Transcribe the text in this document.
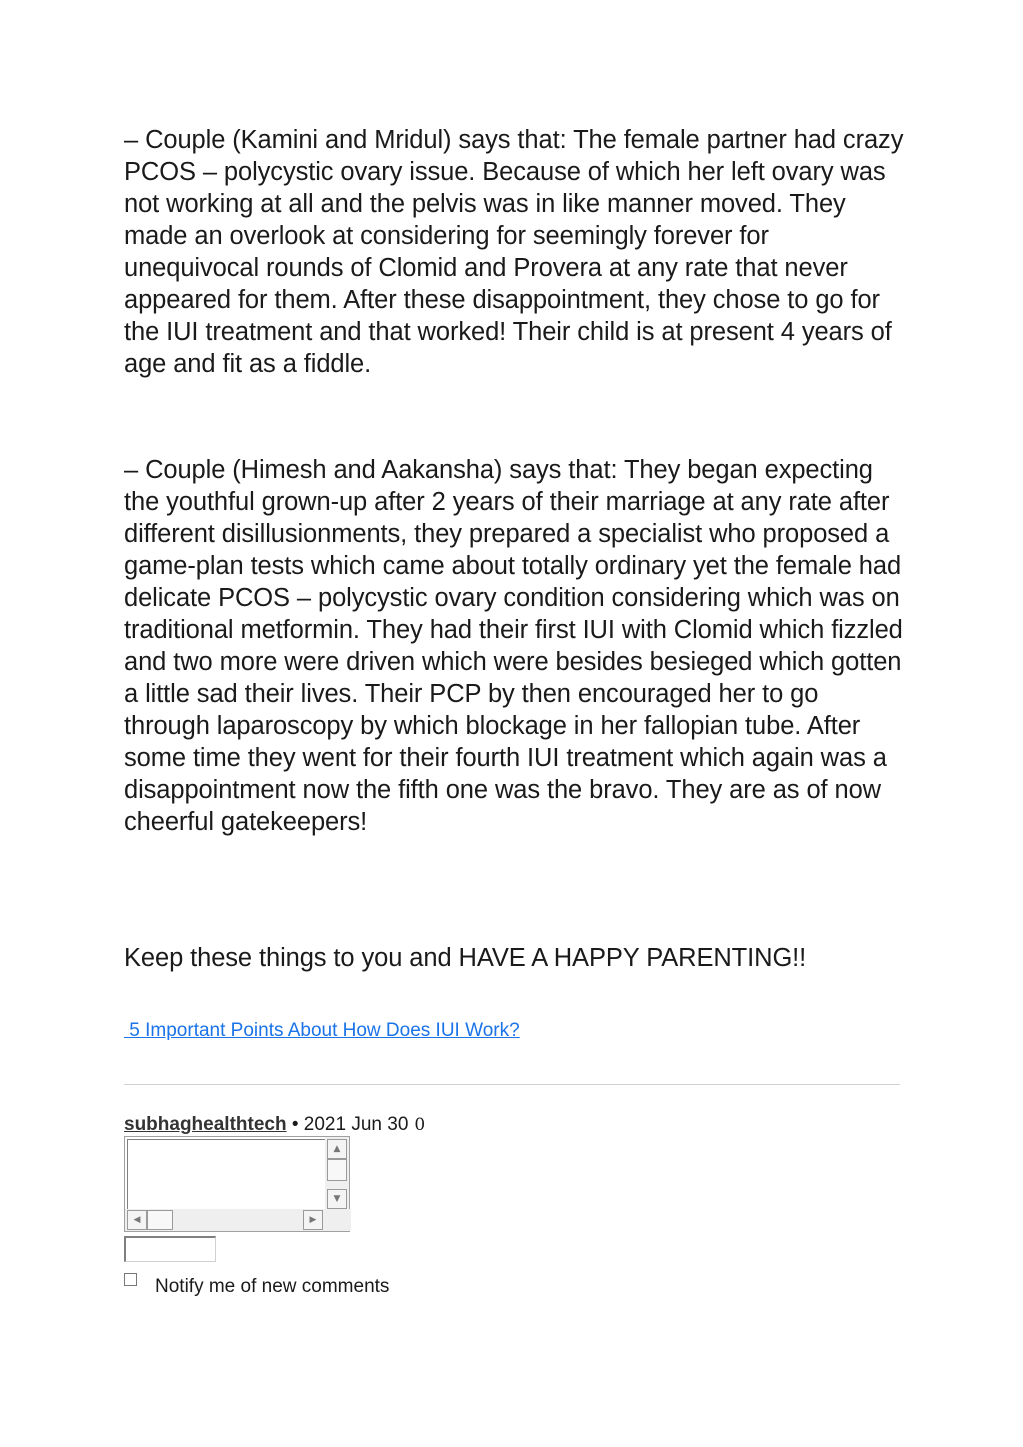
– Couple (Kamini and Mridul) says that: The female partner had crazy PCOS – polycystic ovary issue. Because of which her left ovary was not working at all and the pelvis was in like manner moved. They made an overlook at considering for seemingly forever for unequivocal rounds of Clomid and Provera at any rate that never appeared for them. After these disappointment, they chose to go for the IUI treatment and that worked! Their child is at present 4 years of age and fit as a fiddle.

– Couple (Himesh and Aakansha) says that: They began expecting the youthful grown-up after 2 years of their marriage at any rate after different disillusionments, they prepared a specialist who proposed a game-plan tests which came about totally ordinary yet the female had delicate PCOS – polycystic ovary condition considering which was on traditional metformin. They had their first IUI with Clomid which fizzled and two more were driven which were besides besieged which gotten a little sad their lives. Their PCP by then encouraged her to go through laparoscopy by which blockage in her fallopian tube. After some time they went for their fourth IUI treatment which again was a disappointment now the fifth one was the bravo. They are as of now cheerful gatekeepers!

Keep these things to you and HAVE A HAPPY PARENTING!!

5 Important Points About How Does IUI Work?
subhaghealthtech • 2021 Jun 30 0
▲
▼
◀	▶
Notify me of new comments
